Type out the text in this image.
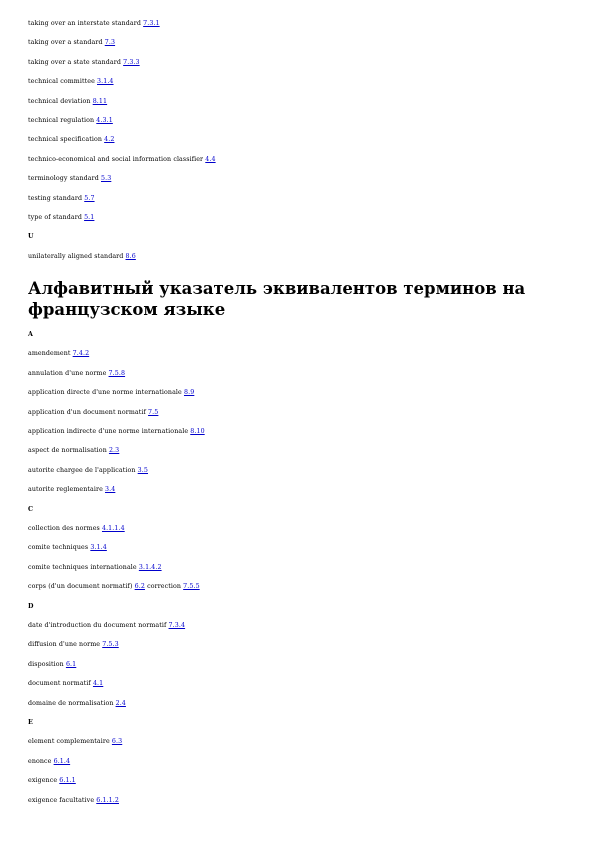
taking over an interstate standard 7.3.1
taking over a standard 7.3
taking over a state standard 7.3.3
technical committee 3.1.4
technical deviation 8.11
technical regulation 4.3.1
technical specification 4.2
technico-economical and social information classifier 4.4
terminology standard 5.3
testing standard 5.7
type of standard 5.1
U
unilaterally aligned standard 8.6
Алфавитный указатель эквивалентов терминов на французском языке
A
amendement 7.4.2
annulation d'une norme 7.5.8
application directe d'une norme internationale 8.9
application d'un document normatif 7.5
application indirecte d'une norme internationale 8.10
aspect de normalisation 2.3
autorite chargee de l'application 3.5
autorite reglementaire 3.4
C
collection des normes 4.1.1.4
comite techniques 3.1.4
comite techniques internationale 3.1.4.2
corps (d'un document normatif) 6.2 correction 7.5.5
D
date d'introduction du document normatif 7.3.4
diffusion d'une norme 7.5.3
disposition 6.1
document normatif 4.1
domaine de normalisation 2.4
E
element complementaire 6.3
enonce 6.1.4
exigence 6.1.1
exigence facultative 6.1.1.2
